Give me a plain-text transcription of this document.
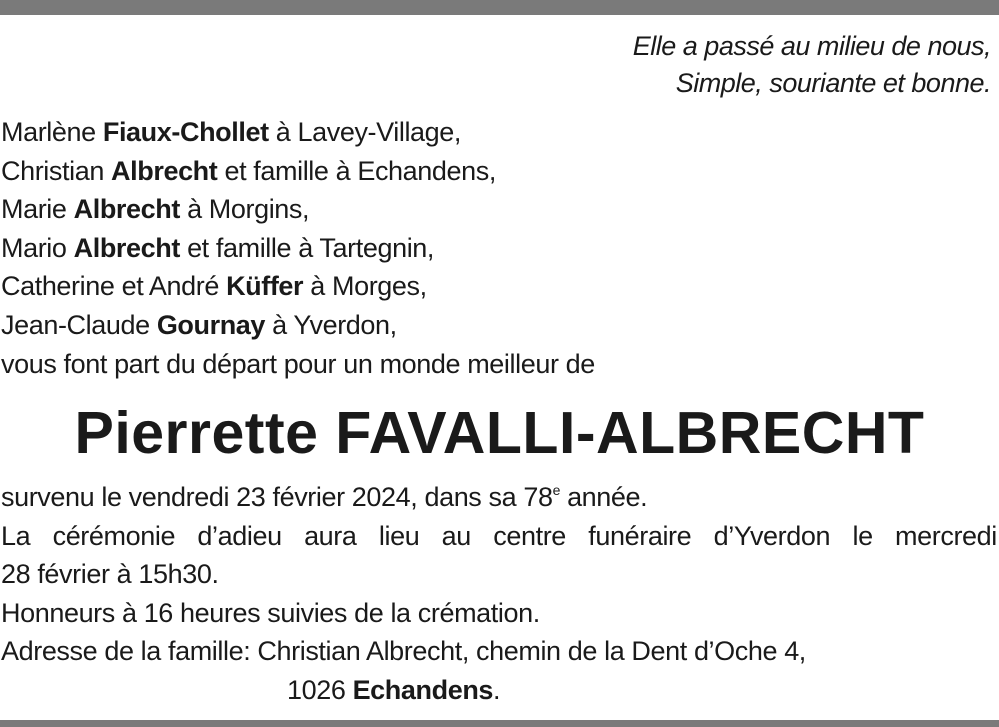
Elle a passé au milieu de nous,
Simple, souriante et bonne.
Marlène Fiaux-Chollet à Lavey-Village,
Christian Albrecht et famille à Echandens,
Marie Albrecht à Morgins,
Mario Albrecht et famille à Tartegnin,
Catherine et André Küffer à Morges,
Jean-Claude Gournay à Yverdon,
vous font part du départ pour un monde meilleur de
Pierrette FAVALLI-ALBRECHT
survenu le vendredi 23 février 2024, dans sa 78e année.
La cérémonie d’adieu aura lieu au centre funéraire d’Yverdon le mercredi
28 février à 15h30.
Honneurs à 16 heures suivies de la crémation.
Adresse de la famille: Christian Albrecht, chemin de la Dent d’Oche 4,
1026 Echandens.
